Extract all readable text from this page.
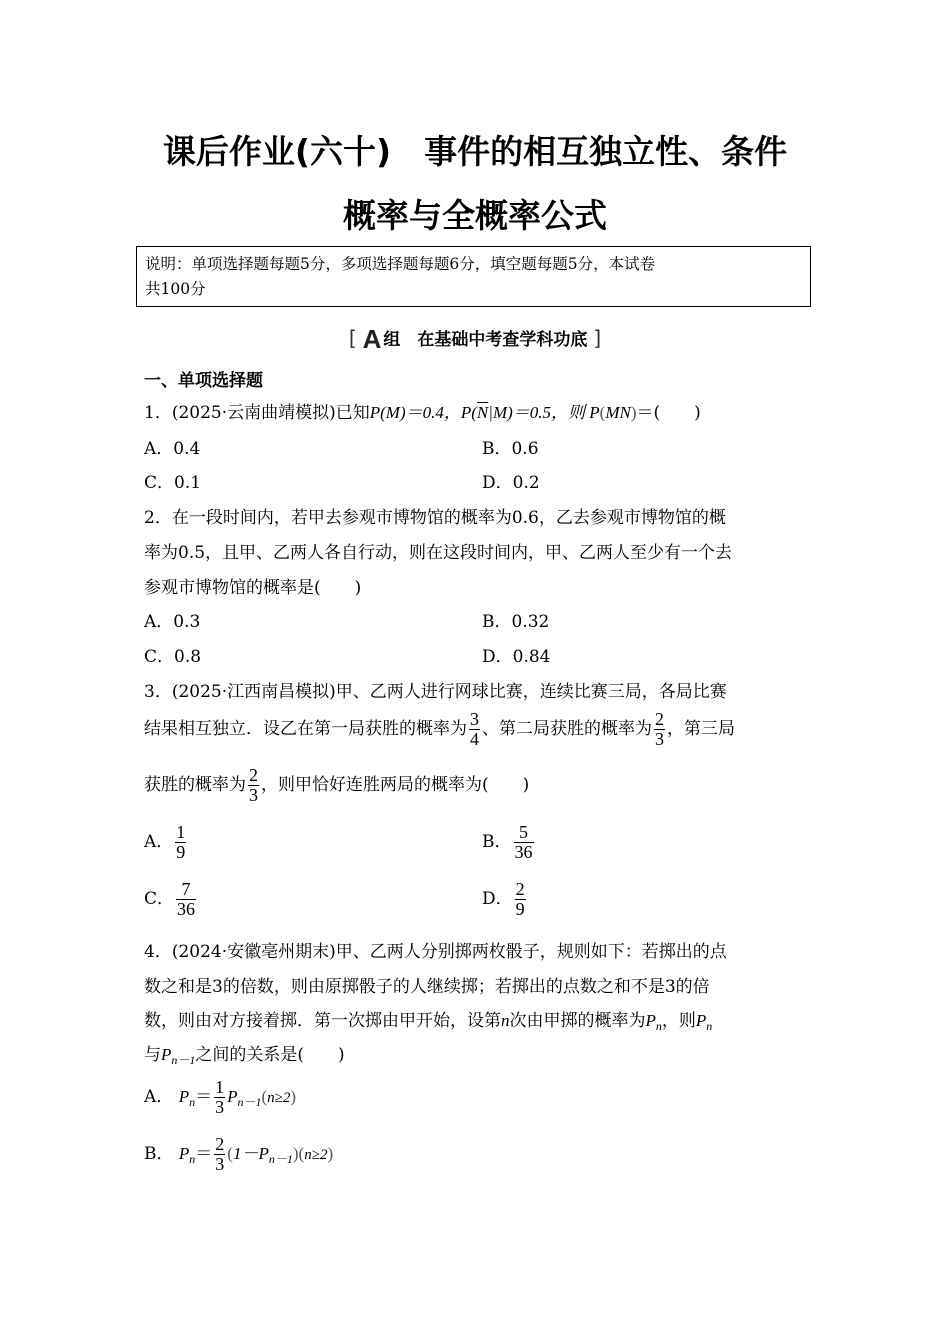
课后作业(六十)　事件的相互独立性、条件
概率与全概率公式
说明：单项选择题每题5分，多项选择题每题6分，填空题每题5分，本试卷
共100分
[ A 组　在基础中考查学科功底 ]
一、单项选择题
1．(2025·云南曲靖模拟)已知P(M)＝0.4，$P(\overline{N}|M)=0.5$，则 P(MN)＝(　　)
A．0.4	B．0.6
C．0.1	D．0.2
2．在一段时间内，若甲去参观市博物馆的概率为0.6，乙去参观市博物馆的概
率为0.5，且甲、乙两人各自行动，则在这段时间内，甲、乙两人至少有一个去
参观市博物馆的概率是(　　)
A．0.3	B．0.32
C．0.8	D．0.84
3．(2025·江西南昌模拟)甲、乙两人进行网球比赛，连续比赛三局，各局比赛
结果相互独立．设乙在第一局获胜的概率为 $\frac{3}{4}$ 、第二局获胜的概率为 $\frac{2}{3}$ ，第三局
获胜的概率为 $\frac{2}{3}$ ，则甲恰好连胜两局的概率为(　　)
A． $\frac{1}{9}$	B． $\frac{5}{36}$
C． $\frac{7}{36}$	D． $\frac{2}{9}$
4．(2024·安徽亳州期末)甲、乙两人分别掷两枚骰子，规则如下：若掷出的点
数之和是3的倍数，则由原掷骰子的人继续掷；若掷出的点数之和不是3的倍
数，则由对方接着掷．第一次掷由甲开始，设第n次由甲掷的概率为$P_n$，则$P_n$
与$P_{n-1}$之间的关系是(　　)
A． $P_n= \frac{1}{3} P_{n-1}(n\ge 2)$
B． $P_n= \frac{2}{3} (1-P_{n-1})(n\ge 2)$
